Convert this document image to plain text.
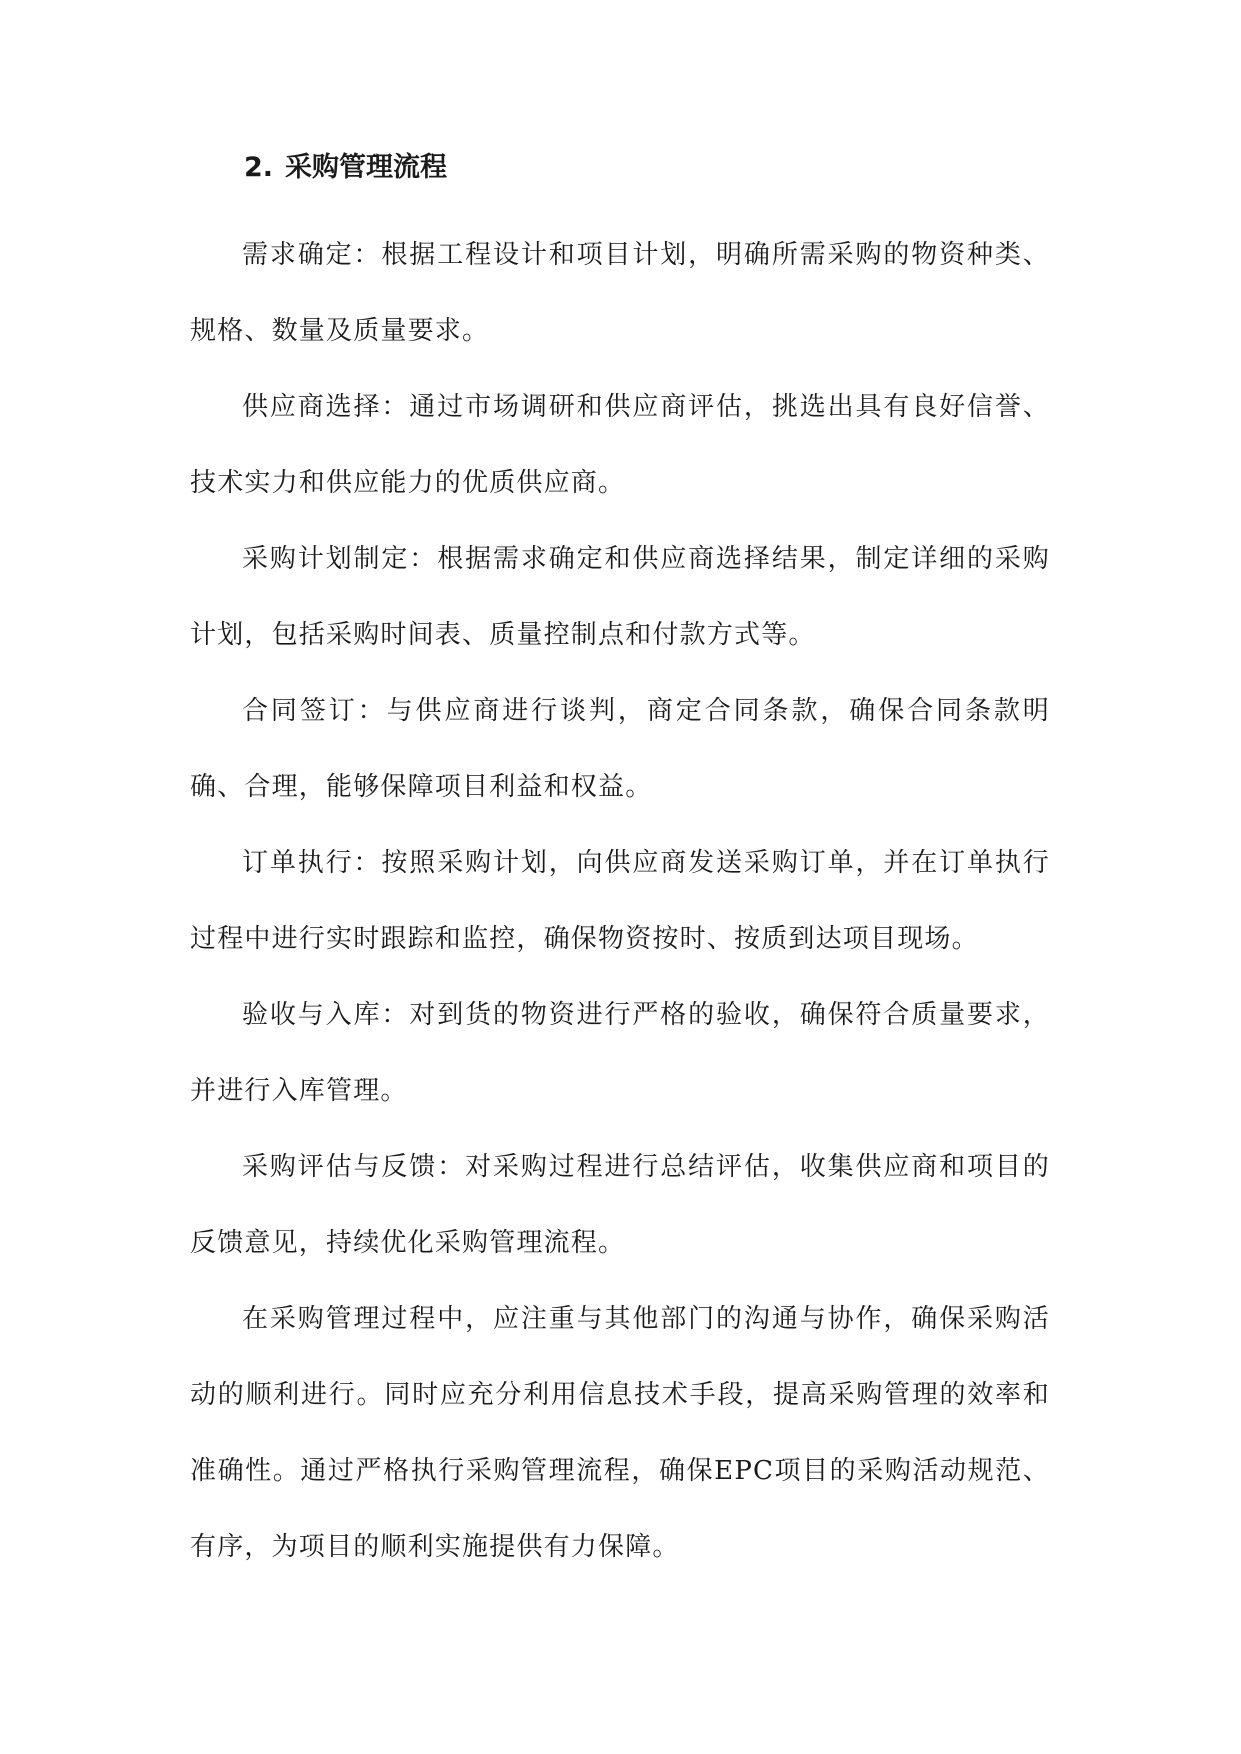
2. 采购管理流程

需求确定：根据工程设计和项目计划，明确所需采购的物资种类、规格、数量及质量要求。

供应商选择：通过市场调研和供应商评估，挑选出具有良好信誉、技术实力和供应能力的优质供应商。

采购计划制定：根据需求确定和供应商选择结果，制定详细的采购计划，包括采购时间表、质量控制点和付款方式等。

合同签订：与供应商进行谈判，商定合同条款，确保合同条款明确、合理，能够保障项目利益和权益。

订单执行：按照采购计划，向供应商发送采购订单，并在订单执行过程中进行实时跟踪和监控，确保物资按时、按质到达项目现场。

验收与入库：对到货的物资进行严格的验收，确保符合质量要求，并进行入库管理。

采购评估与反馈：对采购过程进行总结评估，收集供应商和项目的反馈意见，持续优化采购管理流程。

在采购管理过程中，应注重与其他部门的沟通与协作，确保采购活动的顺利进行。同时应充分利用信息技术手段，提高采购管理的效率和准确性。通过严格执行采购管理流程，确保EPC项目的采购活动规范、有序，为项目的顺利实施提供有力保障。
